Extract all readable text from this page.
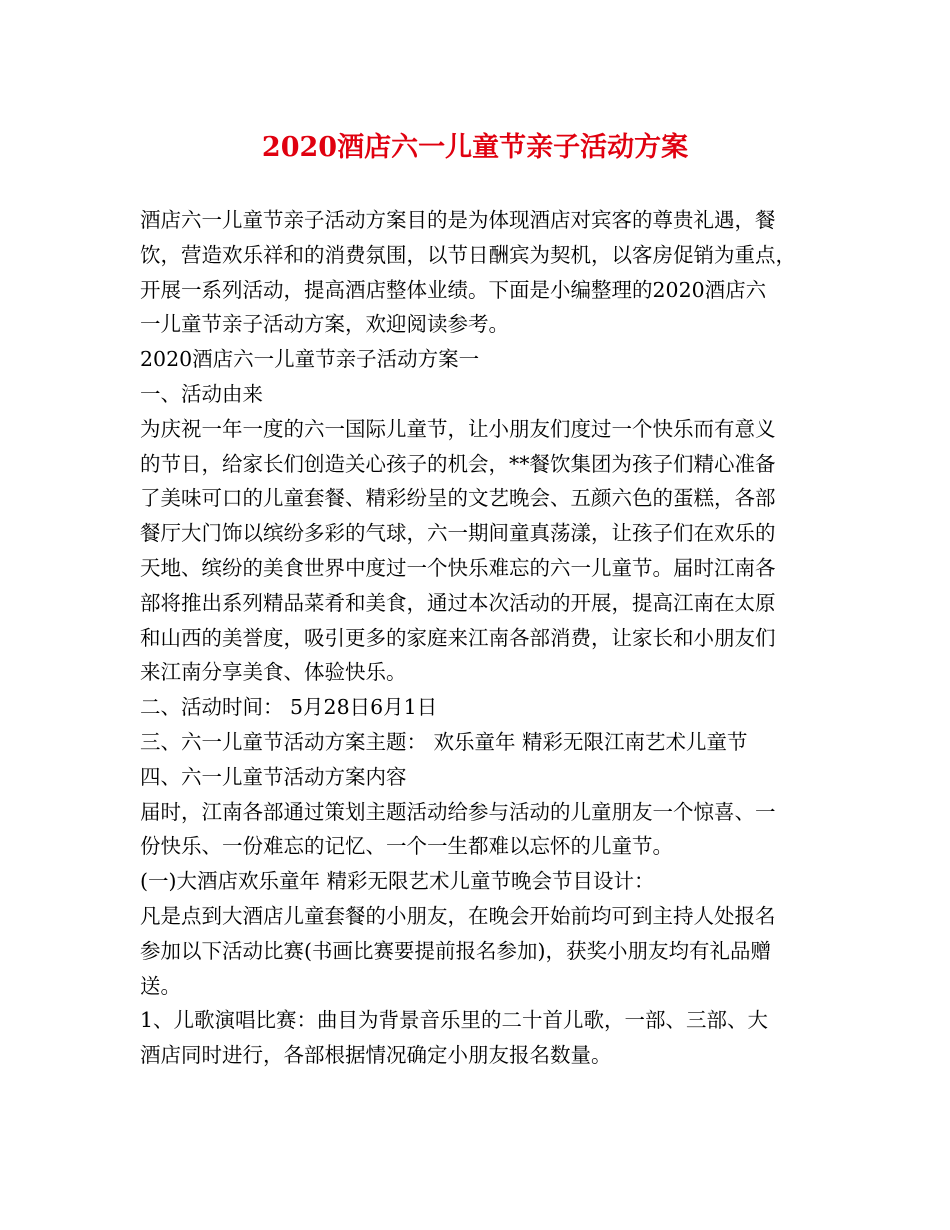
2020酒店六一儿童节亲子活动方案
酒店六一儿童节亲子活动方案目的是为体现酒店对宾客的尊贵礼遇，餐
饮，营造欢乐祥和的消费氛围，以节日酬宾为契机，以客房促销为重点，
开展一系列活动，提高酒店整体业绩。下面是小编整理的2020酒店六
一儿童节亲子活动方案，欢迎阅读参考。
2020酒店六一儿童节亲子活动方案一
一、活动由来
为庆祝一年一度的六一国际儿童节，让小朋友们度过一个快乐而有意义
的节日，给家长们创造关心孩子的机会，**餐饮集团为孩子们精心准备
了美味可口的儿童套餐、精彩纷呈的文艺晚会、五颜六色的蛋糕，各部
餐厅大门饰以缤纷多彩的气球，六一期间童真荡漾，让孩子们在欢乐的
天地、缤纷的美食世界中度过一个快乐难忘的六一儿童节。届时江南各
部将推出系列精品菜肴和美食，通过本次活动的开展，提高江南在太原
和山西的美誉度，吸引更多的家庭来江南各部消费，让家长和小朋友们
来江南分享美食、体验快乐。
二、活动时间： 5月28日6月1日
三、六一儿童节活动方案主题： 欢乐童年 精彩无限江南艺术儿童节
四、六一儿童节活动方案内容
届时，江南各部通过策划主题活动给参与活动的儿童朋友一个惊喜、一
份快乐、一份难忘的记忆、一个一生都难以忘怀的儿童节。
(一)大酒店欢乐童年 精彩无限艺术儿童节晚会节目设计：
凡是点到大酒店儿童套餐的小朋友，在晚会开始前均可到主持人处报名
参加以下活动比赛(书画比赛要提前报名参加)，获奖小朋友均有礼品赠
送。
1、儿歌演唱比赛：曲目为背景音乐里的二十首儿歌，一部、三部、大
酒店同时进行，各部根据情况确定小朋友报名数量。
